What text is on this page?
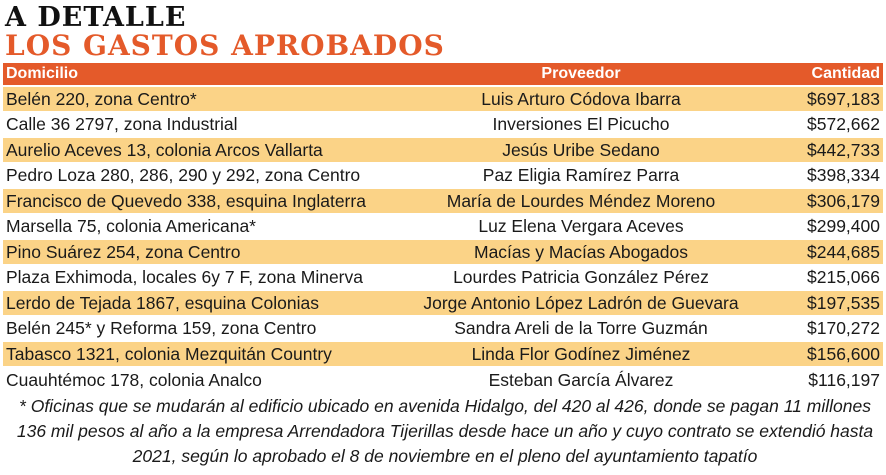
A DETALLE
LOS GASTOS APROBADOS
Domicilio	Proveedor	Cantidad
Belén 220, zona Centro*	Luis Arturo Códova Ibarra	$697,183
Calle 36 2797, zona Industrial	Inversiones El Picucho	$572,662
Aurelio Aceves 13, colonia Arcos Vallarta	Jesús Uribe Sedano	$442,733
Pedro Loza 280, 286, 290 y 292, zona Centro	Paz Eligia Ramírez Parra	$398,334
Francisco de Quevedo 338, esquina Inglaterra	María de Lourdes Méndez Moreno	$306,179
Marsella 75, colonia Americana*	Luz Elena Vergara Aceves	$299,400
Pino Suárez 254, zona Centro	Macías y Macías Abogados	$244,685
Plaza Exhimoda, locales 6y 7 F, zona Minerva	Lourdes Patricia González Pérez	$215,066
Lerdo de Tejada 1867, esquina Colonias	Jorge Antonio López Ladrón de Guevara	$197,535
Belén 245* y Reforma 159, zona Centro	Sandra Areli de la Torre Guzmán	$170,272
Tabasco 1321, colonia Mezquitán Country	Linda Flor Godínez Jiménez	$156,600
Cuauhtémoc 178, colonia Analco	Esteban García Álvarez	$116,197
* Oficinas que se mudarán al edificio ubicado en avenida Hidalgo, del 420 al 426, donde se pagan 11 millones 136 mil pesos al año a la empresa Arrendadora Tijerillas desde hace un año y cuyo contrato se extendió hasta 2021, según lo aprobado el 8 de noviembre en el pleno del ayuntamiento tapatío
